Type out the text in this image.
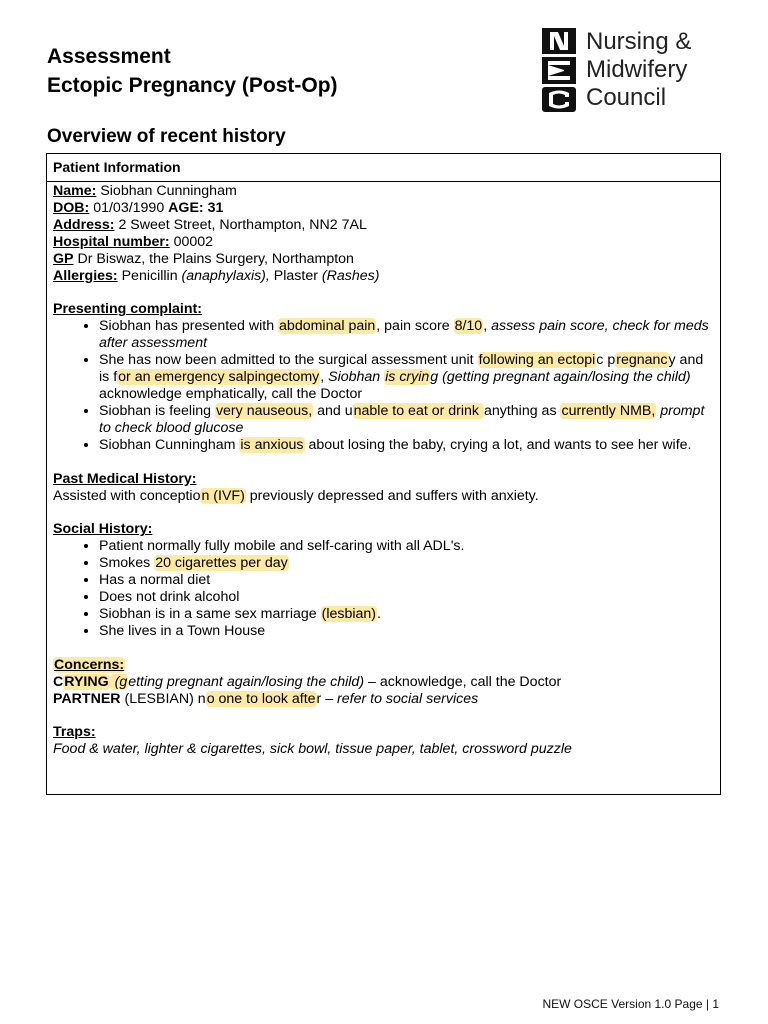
Assessment
Ectopic Pregnancy (Post-Op)
Nursing &
Midwifery
Council
Overview of recent history
Patient Information

Name: Siobhan Cunningham

DOB: 01/03/1990 AGE: 31

Address: 2 Sweet Street, Northampton, NN2 7AL

Hospital number: 00002

GP Dr Biswaz, the Plains Surgery, Northampton

Allergies: Penicillin (anaphylaxis), Plaster (Rashes)

Presenting complaint:

• Siobhan has presented with abdominal pain, pain score 8/10, assess pain score, check for meds after assessment
• She has now been admitted to the surgical assessment unit following an ectopic pregnancy and is for an emergency salpingectomy, Siobhan is crying (getting pregnant again/losing the child) acknowledge emphatically, call the Doctor
• Siobhan is feeling very nauseous, and unable to eat or drink anything as currently NMB, prompt to check blood glucose
• Siobhan Cunningham is anxious about losing the baby, crying a lot, and wants to see her wife.

Past Medical History:

Assisted with conception (IVF) previously depressed and suffers with anxiety.

Social History:

• Patient normally fully mobile and self-caring with all ADL's.
• Smokes 20 cigarettes per day
• Has a normal diet
• Does not drink alcohol
• Siobhan is in a same sex marriage (lesbian).
• She lives in a Town House

Concerns:

CRYING (getting pregnant again/losing the child) – acknowledge, call the Doctor

PARTNER (LESBIAN) no one to look after – refer to social services

Traps:

Food & water, lighter & cigarettes, sick bowl, tissue paper, tablet, crossword puzzle

NEW OSCE Version 1.0 Page | 1
